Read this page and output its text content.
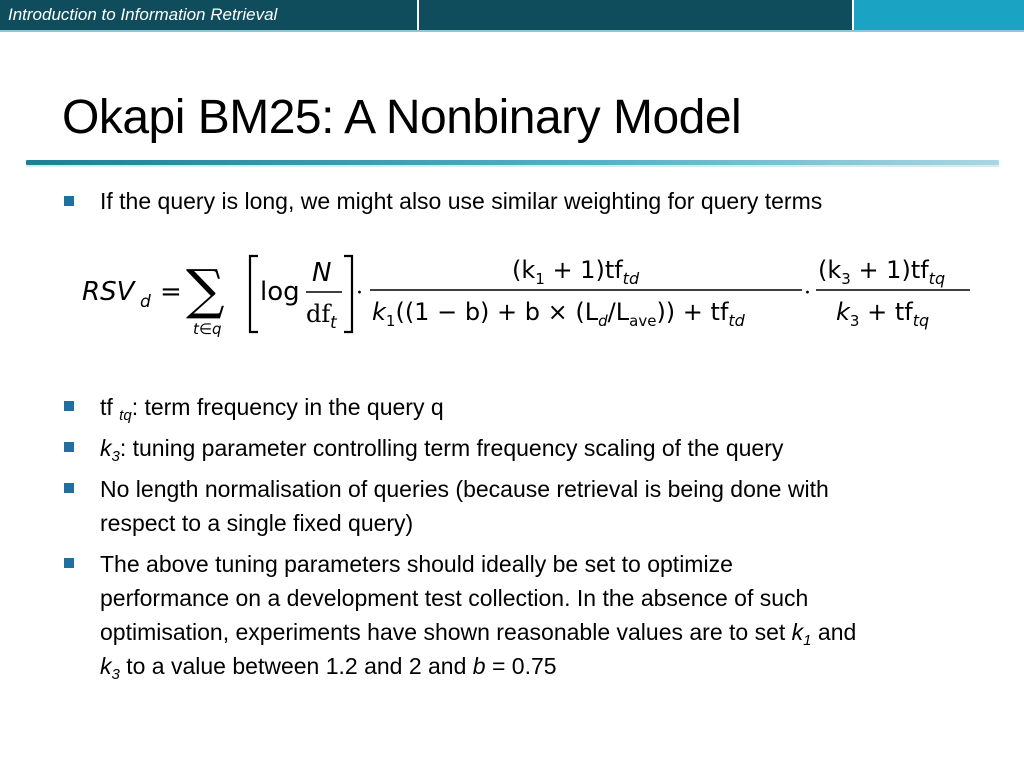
Introduction to Information Retrieval
Okapi BM25: A Nonbinary Model
If the query is long, we might also use similar weighting for query terms
RSV d = ∑
t∈q
log
N
df t
·
$(k_1 + 1)tf_{td}$
$k_1((1 - b) + b \times (L_d/L_{ave})) + tf_{td}$
·
$(k_3 + 1)tf_{tq}$
$k_3 + tf_{tq}$
tf $_{tq}$: term frequency in the query q
$k_3$: tuning parameter controlling term frequency scaling of the query
No length normalisation of queries (because retrieval is being done with
respect to a single fixed query)
The above tuning parameters should ideally be set to optimize
performance on a development test collection. In the absence of such
optimisation, experiments have shown reasonable values are to set $k_1$ and
$k_3$ to a value between 1.2 and 2 and b = 0.75
